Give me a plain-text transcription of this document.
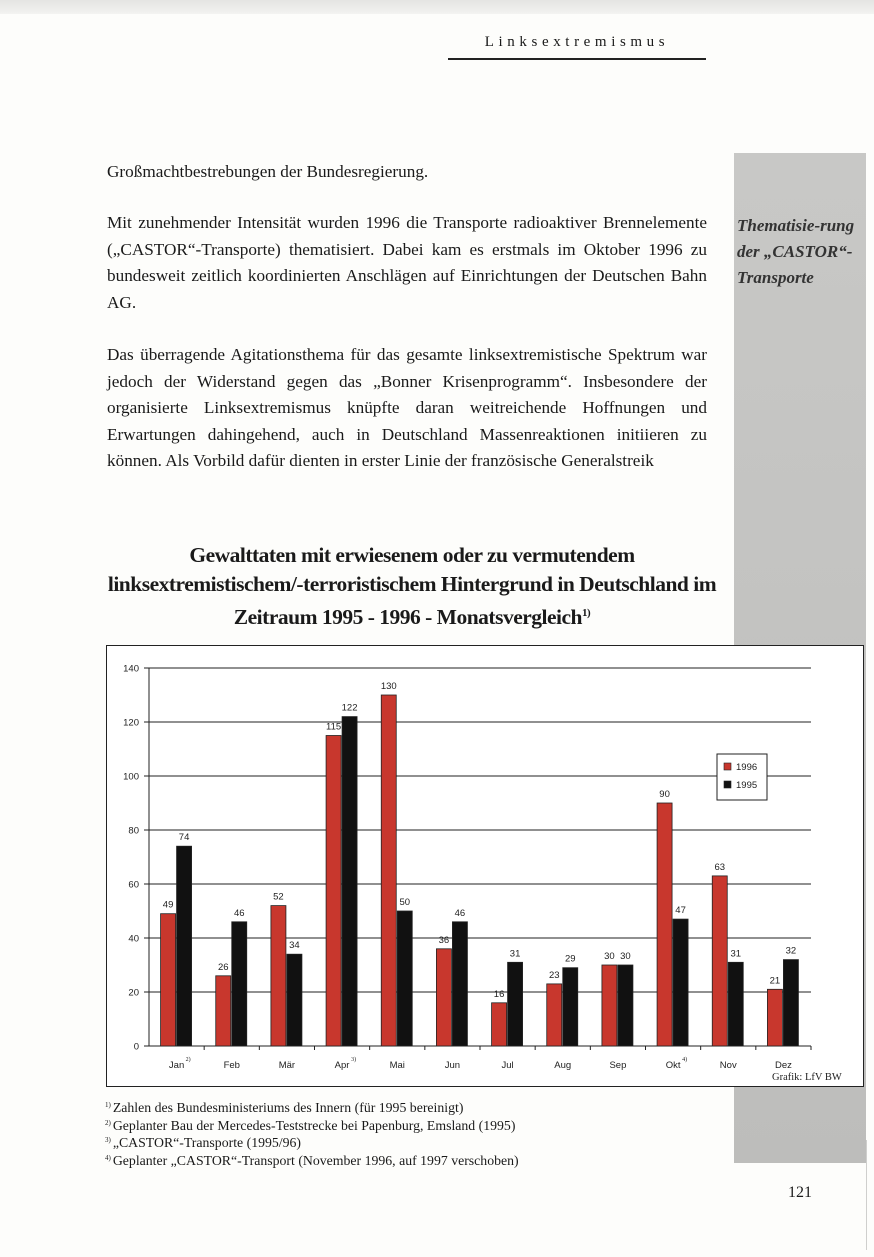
Linksextremismus
Thematisie-rung der „CASTOR“-Transporte

Großmachtbestrebungen der Bundesregierung.

Mit zunehmender Intensität wurden 1996 die Transporte radioaktiver Brennelemente („CASTOR“-Transporte) thematisiert. Dabei kam es erstmals im Oktober 1996 zu bundesweit zeitlich koordinierten Anschlägen auf Einrichtungen der Deutschen Bahn AG.

Das überragende Agitationsthema für das gesamte linksextremistische Spektrum war jedoch der Widerstand gegen das „Bonner Krisenprogramm“. Insbesondere der organisierte Linksextremismus knüpfte daran weitreichende Hoffnungen und Erwartungen dahingehend, auch in Deutschland Massenreaktionen initiieren zu können. Als Vorbild dafür dienten in erster Linie der französische Generalstreik

Gewalttaten mit erwiesenem oder zu vermutendem linksextremistischem/-terroristischem Hintergrund in Deutschland im Zeitraum 1995 - 1996 - Monatsvergleich$^{1)}$
0
20
40
60
80
100
120
140
Jan 2)
49
74
Feb
26
46
Mär
52
34
Apr 3)
115
122
Mai
130
50
Jun
36
46
Jul
16
31
Aug
23
29
Sep
30 30
Okt 4)
90
47
Nov
63
31
Dez
21
32
1996
1995
Grafik: LfV BW
$^{1)}$ Zahlen des Bundesministeriums des Innern (für 1995 bereinigt)
$^{2)}$ Geplanter Bau der Mercedes-Teststrecke bei Papenburg, Emsland (1995)
$^{3)}$ „CASTOR“-Transporte (1995/96)
$^{4)}$ Geplanter „CASTOR“-Transport (November 1996, auf 1997 verschoben)
121
